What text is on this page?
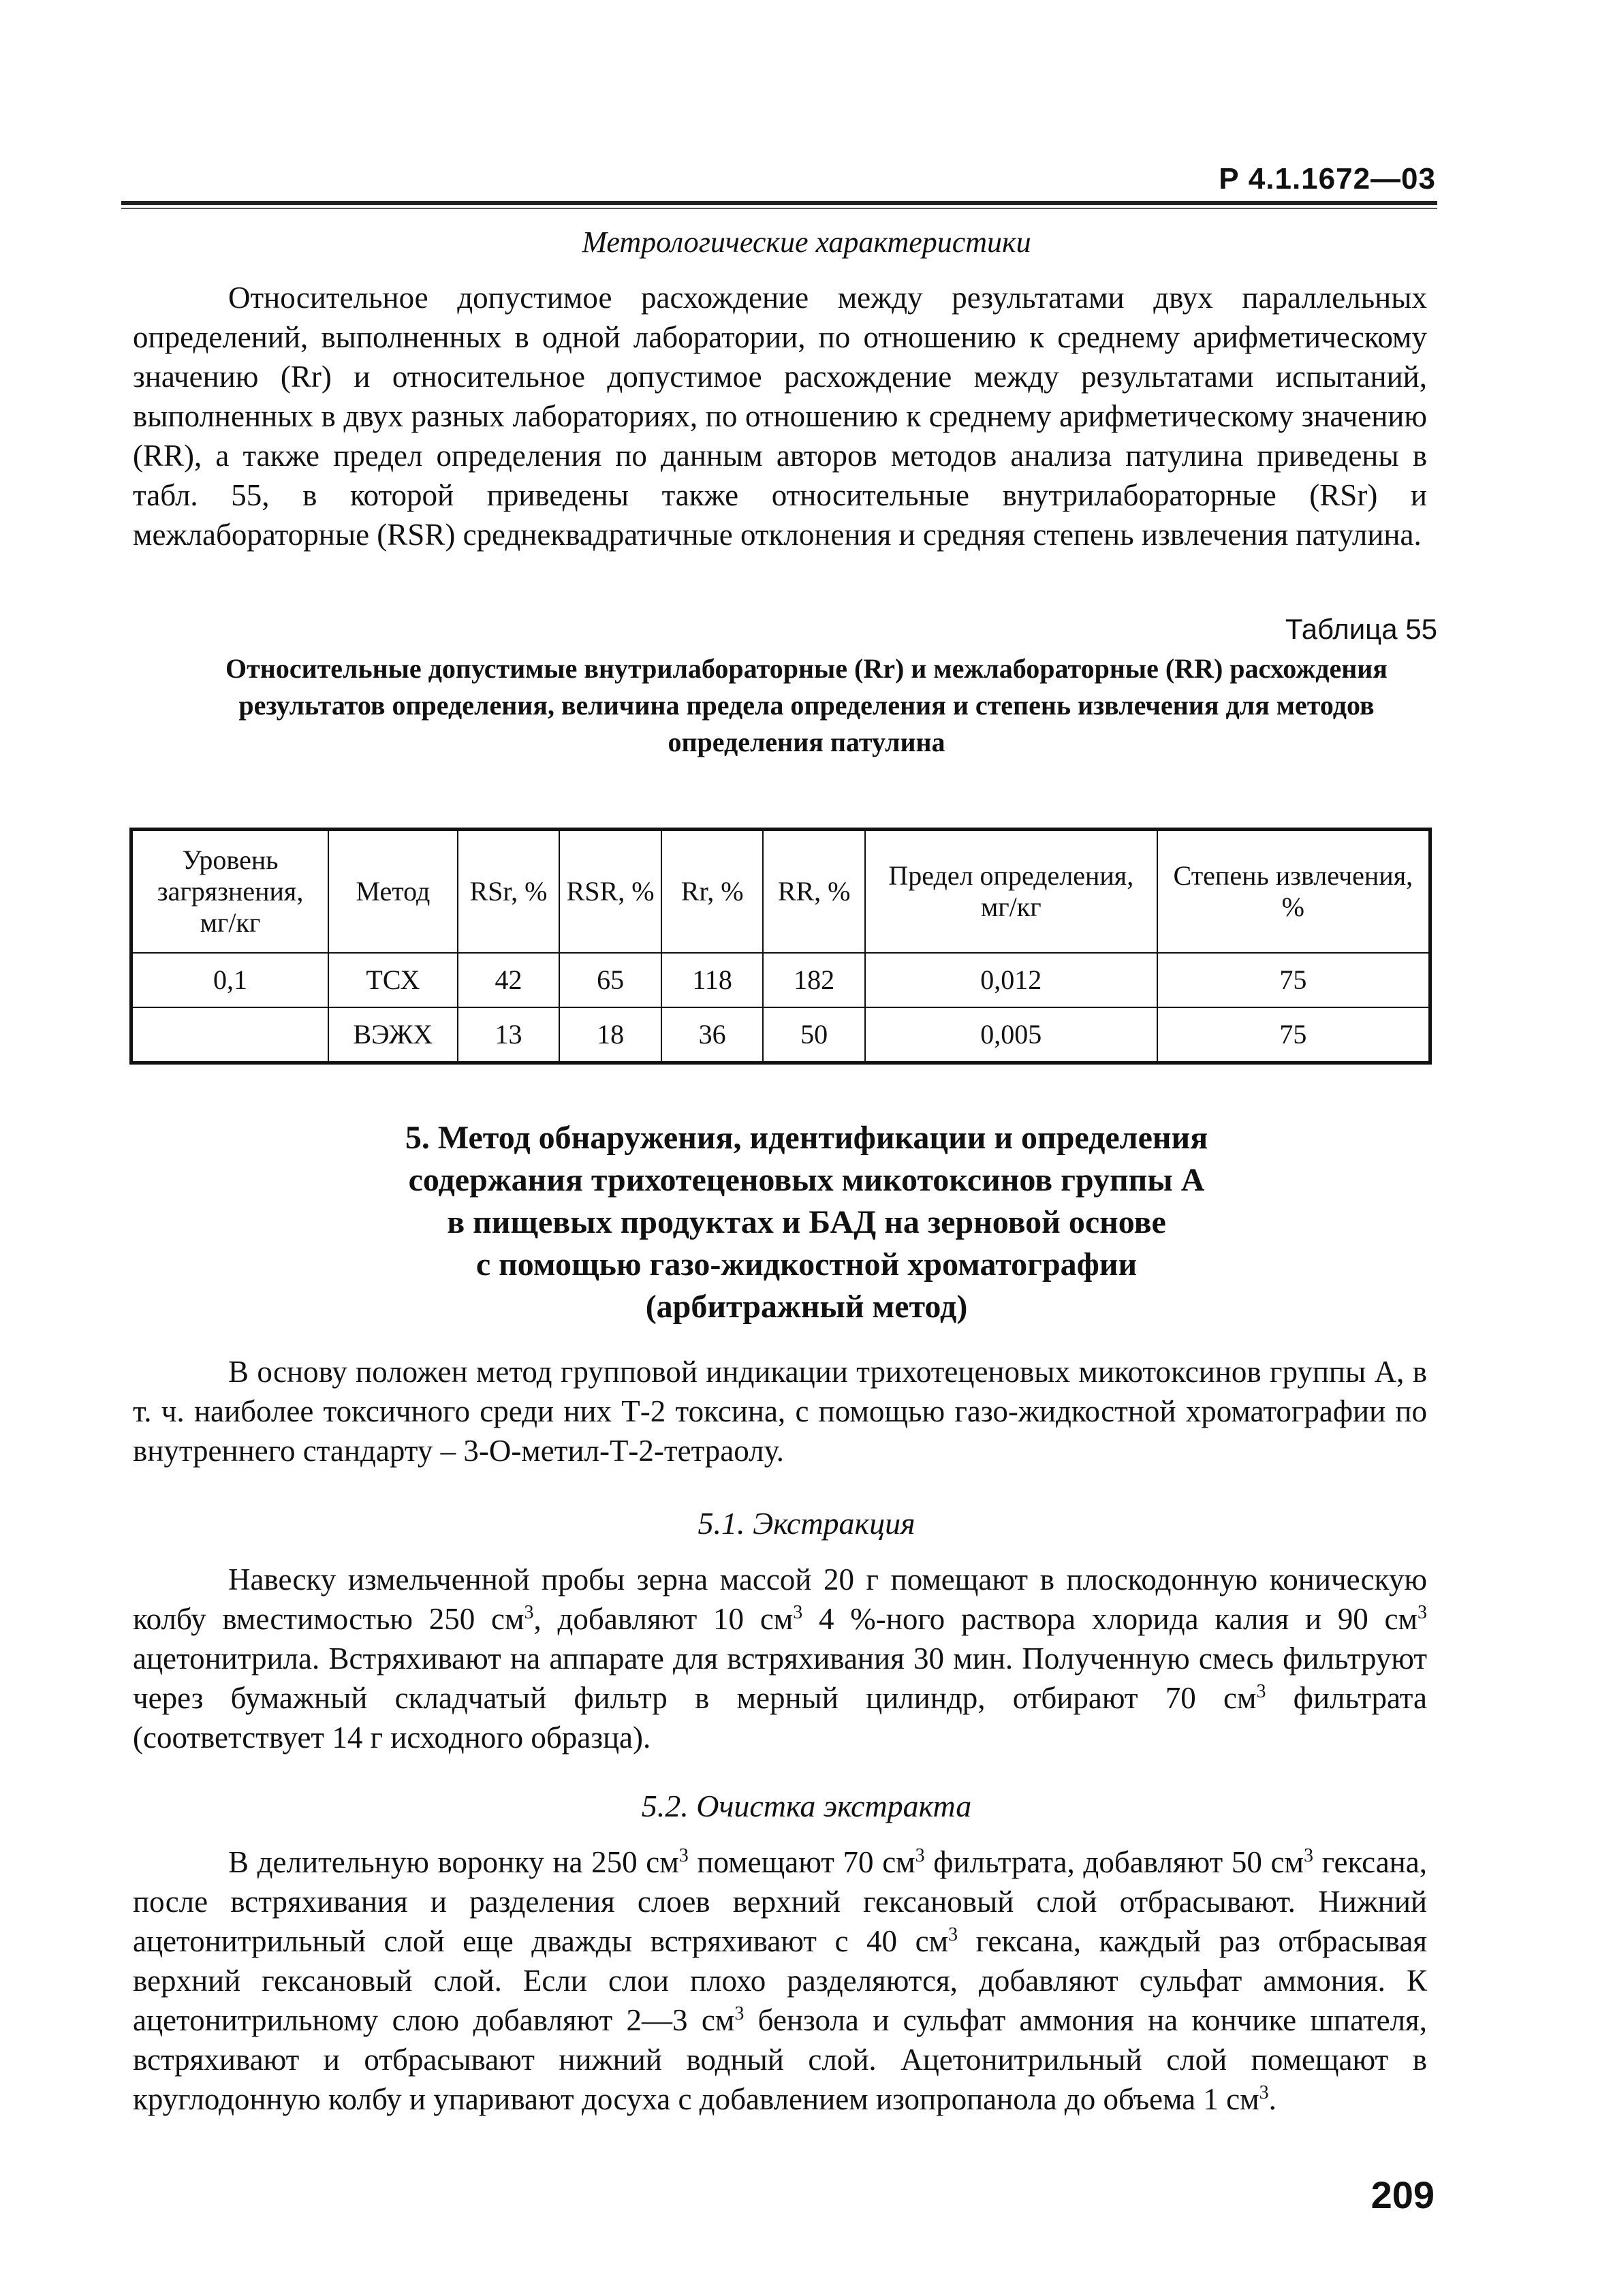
Р 4.1.1672—03
Метрологические характеристики
Относительное допустимое расхождение между результатами двух параллельных определений, выполненных в одной лаборатории, по отношению к среднему арифметическому значению (Rr) и относительное допустимое расхождение между результатами испытаний, выполненных в двух разных лабораториях, по отношению к среднему арифметическому значению (RR), а также предел определения по данным авторов методов анализа патулина приведены в табл. 55, в которой приведены также относительные внутрилабораторные (RSr) и межлабораторные (RSR) среднеквадратичные отклонения и средняя степень извлечения патулина.
Таблица 55
Относительные допустимые внутрилабораторные (Rr) и межлабораторные (RR) расхождения результатов определения, величина предела определения и степень извлечения для методов определения патулина
Уровень загрязнения, мг/кг	Метод	RSr, %	RSR, %	Rr, %	RR, %	Предел определения, мг/кг	Степень извлечения, %
0,1	ТСХ	42	65	118	182	0,012	75
	ВЭЖХ	13	18	36	50	0,005	75
5. Метод обнаружения, идентификации и определения
содержания трихотеценовых микотоксинов группы А
в пищевых продуктах и БАД на зерновой основе
с помощью газо-жидкостной хроматографии
(арбитражный метод)
В основу положен метод групповой индикации трихотеценовых микотоксинов группы А, в т. ч. наиболее токсичного среди них Т-2 токсина, с помощью газо-жидкостной хроматографии по внутреннего стандарту – 3-О-метил-Т-2-тетраолу.
5.1. Экстракция
Навеску измельченной пробы зерна массой 20 г помещают в плоскодонную коническую колбу вместимостью 250 $см^3$, добавляют 10 $см^3$ 4 %-ного раствора хлорида калия и 90 $см^3$ ацетонитрила. Встряхивают на аппарате для встряхивания 30 мин. Полученную смесь фильтруют через бумажный складчатый фильтр в мерный цилиндр, отбирают 70 $см^3$ фильтрата (соответствует 14 г исходного образца).
5.2. Очистка экстракта
В делительную воронку на 250 $см^3$ помещают 70 $см^3$ фильтрата, добавляют 50 $см^3$ гексана, после встряхивания и разделения слоев верхний гексановый слой отбрасывают. Нижний ацетонитрильный слой еще дважды встряхивают с 40 $см^3$ гексана, каждый раз отбрасывая верхний гексановый слой. Если слои плохо разделяются, добавляют сульфат аммония. К ацетонитрильному слою добавляют 2—3 $см^3$ бензола и сульфат аммония на кончике шпателя, встряхивают и отбрасывают нижний водный слой. Ацетонитрильный слой помещают в круглодонную колбу и упаривают досуха с добавлением изопропанола до объема 1 $см^3$.
209
